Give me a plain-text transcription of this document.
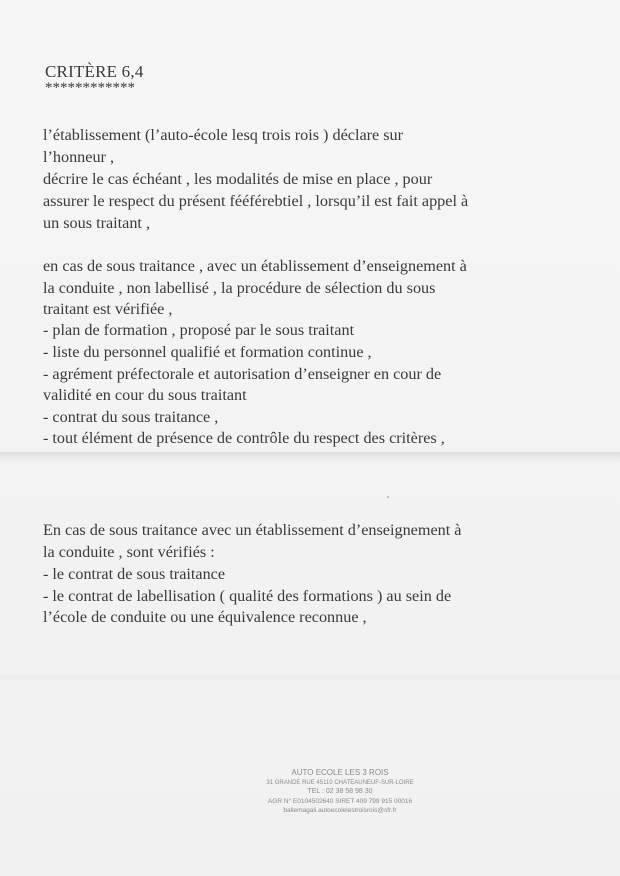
CRITÈRE 6,4
************
l’établissement (l’auto-école lesq trois rois ) déclare sur
l’honneur ,
décrire le cas échéant , les modalités de mise en place , pour
assurer le respect du présent fééférebtiel , lorsqu’il est fait appel à
un sous traitant ,
en cas de sous traitance , avec un établissement d’enseignement à
la conduite , non labellisé , la procédure de sélection du sous
traitant est vérifiée ,
- plan de formation , proposé par le sous traitant
- liste du personnel qualifié et formation continue ,
- agrément préfectorale et autorisation d’enseigner en cour de
validité en cour du sous traitant
- contrat du sous traitance ,
- tout élément de présence de contrôle du respect des critères ,
En cas de sous traitance avec un établissement d’enseignement à
la conduite , sont vérifiés :
- le contrat de sous traitance
- le contrat de labellisation ( qualité des formations ) au sein de
l’école de conduite ou une équivalence reconnue ,
AUTO ECOLE LES 3 ROIS
31 GRANDE RUE 45110 CHATEAUNEUF-SUR-LOIRE
TEL : 02 38 58 98 30
AGR N° E0104502640 SIRET 409 799 915 00016
ballemagali.autoecolelestroisrois@sfr.fr
